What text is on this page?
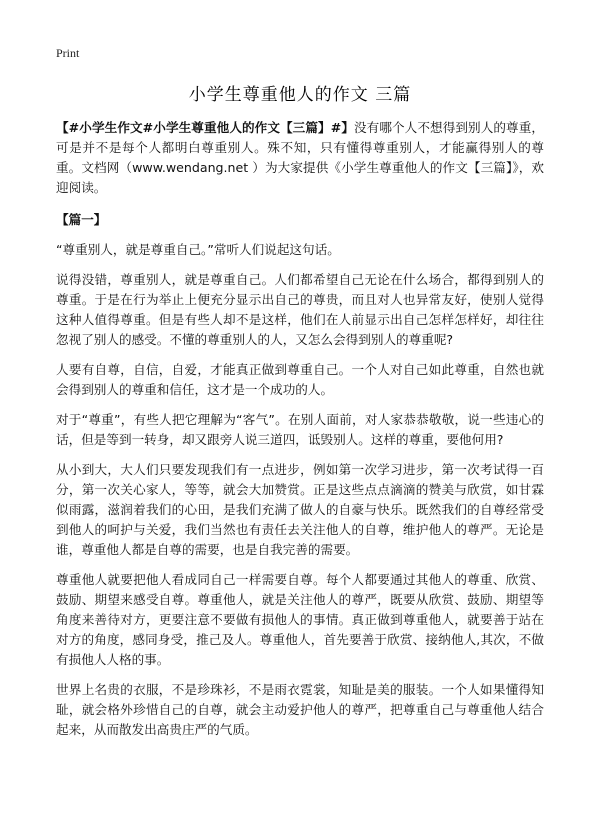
Print
小学生尊重他人的作文 三篇

【#小学生作文#小学生尊重他人的作文【三篇】#】没有哪个人不想得到别人的尊重，可是并不是每个人都明白尊重别人。殊不知，只有懂得尊重别人，才能赢得别人的尊重。文档网（www.wendang.net ）为大家提供《小学生尊重他人的作文【三篇】》，欢迎阅读。

【篇一】

“尊重别人，就是尊重自己。”常听人们说起这句话。

说得没错，尊重别人，就是尊重自己。人们都希望自己无论在什么场合，都得到别人的尊重。于是在行为举止上便充分显示出自己的尊贵，而且对人也异常友好，使别人觉得这种人值得尊重。但是有些人却不是这样，他们在人前显示出自己怎样怎样好，却往往忽视了别人的感受。不懂的尊重别人的人，又怎么会得到别人的尊重呢?

人要有自尊，自信，自爱，才能真正做到尊重自己。一个人对自己如此尊重，自然也就会得到别人的尊重和信任，这才是一个成功的人。

对于“尊重”，有些人把它理解为“客气”。在别人面前，对人家恭恭敬敬，说一些违心的话，但是等到一转身，却又跟旁人说三道四，诋毁别人。这样的尊重，要他何用?

从小到大，大人们只要发现我们有一点进步，例如第一次学习进步，第一次考试得一百分，第一次关心家人，等等，就会大加赞赏。正是这些点点滴滴的赞美与欣赏，如甘霖似雨露，滋润着我们的心田，是我们充满了做人的自豪与快乐。既然我们的自尊经常受到他人的呵护与关爱，我们当然也有责任去关注他人的自尊，维护他人的尊严。无论是谁，尊重他人都是自尊的需要，也是自我完善的需要。

尊重他人就要把他人看成同自己一样需要自尊。每个人都要通过其他人的尊重、欣赏、鼓励、期望来感受自尊。尊重他人，就是关注他人的尊严，既要从欣赏、鼓励、期望等角度来善待对方，更要注意不要做有损他人的事情。真正做到尊重他人，就要善于站在对方的角度，感同身受，推己及人。尊重他人，首先要善于欣赏、接纳他人,其次，不做有损他人人格的事。

世界上名贵的衣服，不是珍珠衫，不是雨衣霓裳，知耻是美的服装。一个人如果懂得知耻，就会格外珍惜自己的自尊，就会主动爱护他人的尊严，把尊重自己与尊重他人结合起来，从而散发出高贵庄严的气质。
